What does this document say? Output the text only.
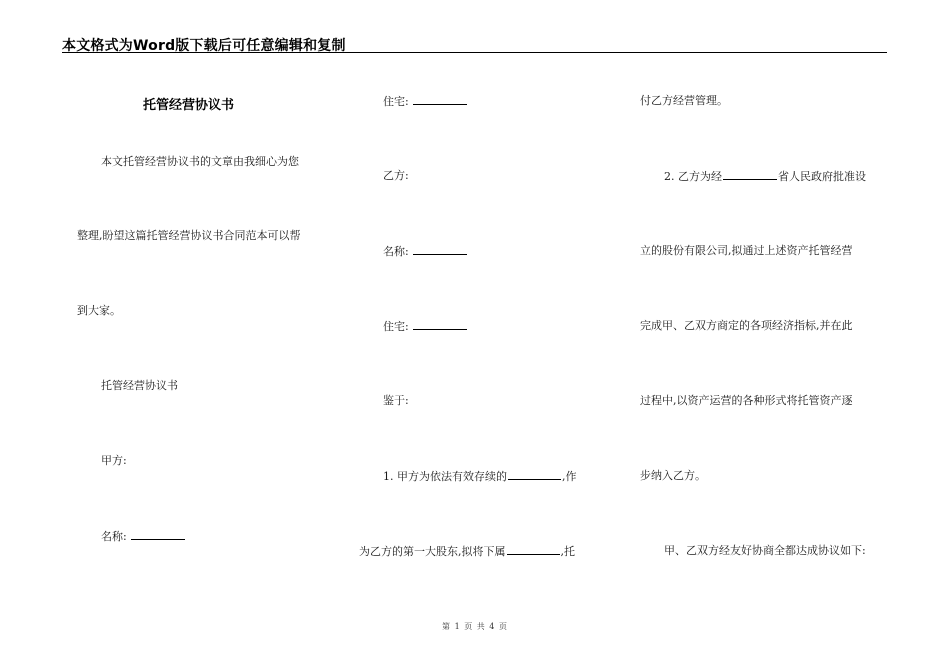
本文格式为Word版下载后可任意编辑和复制
托管经营协议书
本文托管经营协议书的文章由我细心为您
整理,盼望这篇托管经营协议书合同范本可以帮
到大家。
托管经营协议书
甲方:
名称:
住宅:
乙方:
名称:
住宅:
鉴于:
1. 甲方为依法有效存续的	,作
为乙方的第一大股东,拟将下属	,托
付乙方经营管理。
2. 乙方为经	省人民政府批准设
立的股份有限公司,拟通过上述资产托管经营
完成甲、乙双方商定的各项经济指标,并在此
过程中,以资产运营的各种形式将托管资产逐
步纳入乙方。
甲、乙双方经友好协商全都达成协议如下:
第 1 页 共 4 页
